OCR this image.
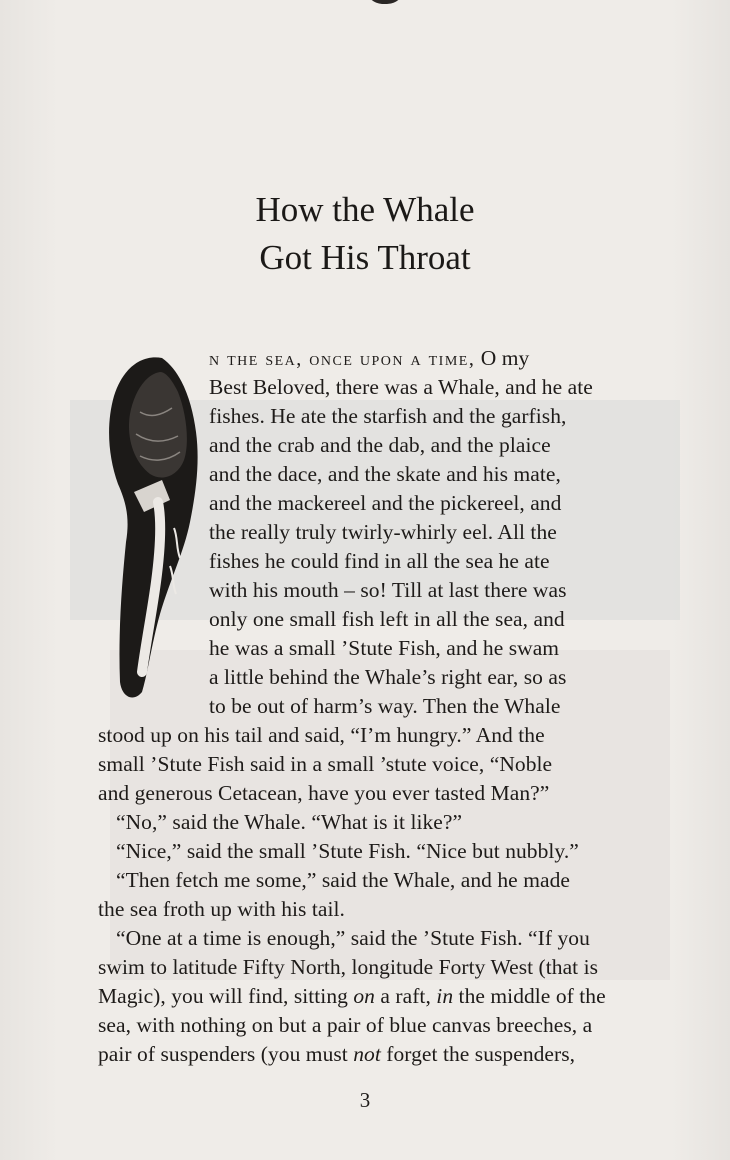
How the Whale
Got His Throat
n the sea, once upon a time, O my
Best Beloved, there was a Whale, and he ate
fishes. He ate the starfish and the garfish,
and the crab and the dab, and the plaice
and the dace, and the skate and his mate,
and the mackereel and the pickereel, and
the really truly twirly-whirly eel. All the
fishes he could find in all the sea he ate
with his mouth – so! Till at last there was
only one small fish left in all the sea, and
he was a small ’Stute Fish, and he swam
a little behind the Whale’s right ear, so as
to be out of harm’s way. Then the Whale
stood up on his tail and said, “I’m hungry.” And the
small ’Stute Fish said in a small ’stute voice, “Noble
and generous Cetacean, have you ever tasted Man?”
“No,” said the Whale. “What is it like?”
“Nice,” said the small ’Stute Fish. “Nice but nubbly.”
“Then fetch me some,” said the Whale, and he made
the sea froth up with his tail.
“One at a time is enough,” said the ’Stute Fish. “If you
swim to latitude Fifty North, longitude Forty West (that is
Magic), you will find, sitting on a raft, in the middle of the
sea, with nothing on but a pair of blue canvas breeches, a
pair of suspenders (you must not forget the suspenders,
3
